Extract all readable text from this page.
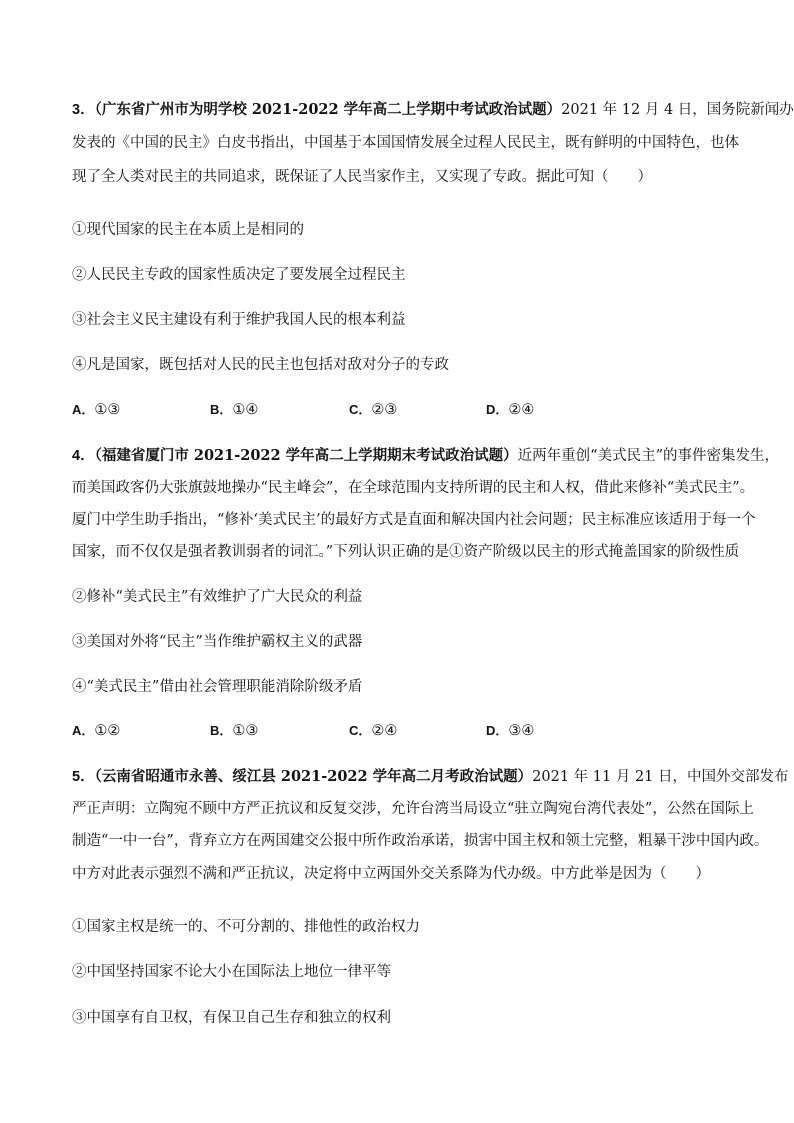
3．（广东省广州市为明学校 2021-2022 学年高二上学期中考试政治试题）2021 年 12 月 4 日，国务院新闻办
发表的《中国的民主》白皮书指出，中国基于本国国情发展全过程人民民主，既有鲜明的中国特色，也体
现了全人类对民主的共同追求，既保证了人民当家作主，又实现了专政。据此可知（　　）
①现代国家的民主在本质上是相同的
②人民民主专政的国家性质决定了要发展全过程民主
③社会主义民主建设有利于维护我国人民的根本利益
④凡是国家，既包括对人民的民主也包括对敌对分子的专政
A．①③	B．①④	C．②③	D．②④
4．（福建省厦门市 2021-2022 学年高二上学期期末考试政治试题）近两年重创“美式民主”的事件密集发生，
而美国政客仍大张旗鼓地操办“民主峰会”，在全球范围内支持所谓的民主和人权，借此来修补“美式民主”。
厦门中学生助手指出，“修补‘美式民主’的最好方式是直面和解决国内社会问题；民主标准应该适用于每一个
国家，而不仅仅是强者教训弱者的词汇。”下列认识正确的是①资产阶级以民主的形式掩盖国家的阶级性质
②修补“美式民主”有效维护了广大民众的利益
③美国对外将“民主”当作维护霸权主义的武器
④“美式民主”借由社会管理职能消除阶级矛盾
A．①②	B．①③	C．②④	D．③④
5．（云南省昭通市永善、绥江县 2021-2022 学年高二月考政治试题）2021 年 11 月 21 日，中国外交部发布
严正声明：立陶宛不顾中方严正抗议和反复交涉，允许台湾当局设立“驻立陶宛台湾代表处”，公然在国际上
制造“一中一台”，背弃立方在两国建交公报中所作政治承诺，损害中国主权和领土完整，粗暴干涉中国内政。
中方对此表示强烈不满和严正抗议，决定将中立两国外交关系降为代办级。中方此举是因为（　　）
①国家主权是统一的、不可分割的、排他性的政治权力
②中国坚持国家不论大小在国际法上地位一律平等
③中国享有自卫权，有保卫自己生存和独立的权利
